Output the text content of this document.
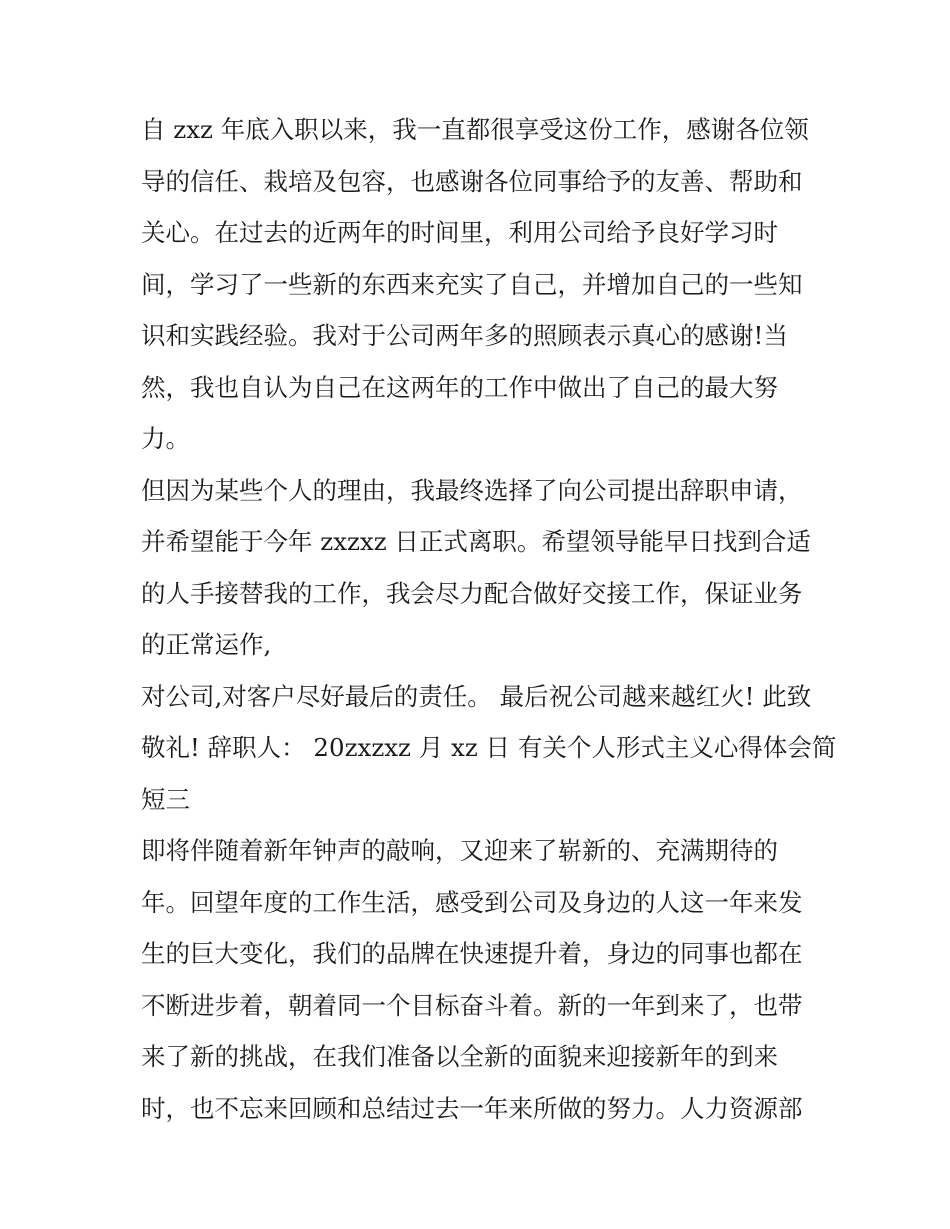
自 zxz 年底入职以来，我一直都很享受这份工作，感谢各位领
导的信任、栽培及包容，也感谢各位同事给予的友善、帮助和
关心。在过去的近两年的时间里，利用公司给予良好学习时
间，学习了一些新的东西来充实了自己，并增加自己的一些知
识和实践经验。我对于公司两年多的照顾表示真心的感谢!当
然，我也自认为自己在这两年的工作中做出了自己的最大努
力。
但因为某些个人的理由，我最终选择了向公司提出辞职申请，
并希望能于今年 zxzxz 日正式离职。希望领导能早日找到合适
的人手接替我的工作，我会尽力配合做好交接工作，保证业务
的正常运作,
对公司,对客户尽好最后的责任。 最后祝公司越来越红火! 此致
敬礼! 辞职人： 20zxzxz 月 xz 日 有关个人形式主义心得体会简
短三
即将伴随着新年钟声的敲响，又迎来了崭新的、充满期待的
年。回望年度的工作生活，感受到公司及身边的人这一年来发
生的巨大变化，我们的品牌在快速提升着，身边的同事也都在
不断进步着，朝着同一个目标奋斗着。新的一年到来了，也带
来了新的挑战，在我们准备以全新的面貌来迎接新年的到来
时，也不忘来回顾和总结过去一年来所做的努力。人力资源部
